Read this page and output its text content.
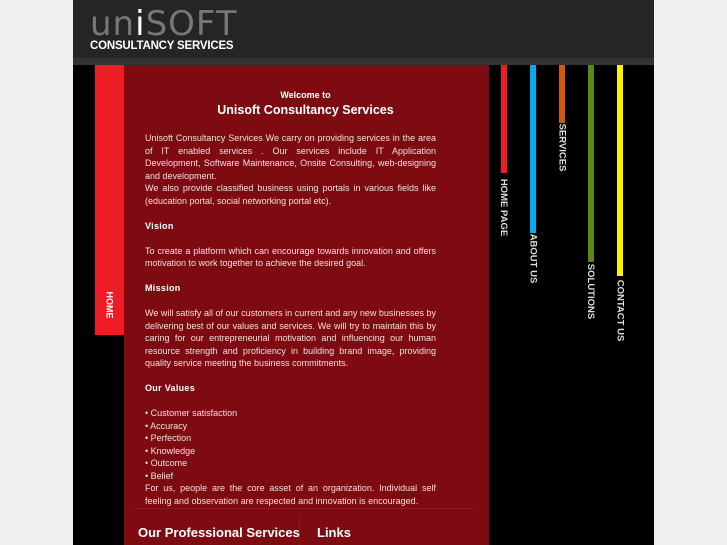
uniSOFT
CONSULTANCY SERVICES
HOME
Welcome to
Unisoft Consultancy Services

Unisoft Consultancy Services We carry on providing services in the area of IT enabled services . Our services include IT Application Development, Software Maintenance, Onsite Consulting, web-designing and development.

We also provide classified business using portals in various fields like (education portal, social networking portal etc).

Vision

To create a platform which can encourage towards innovation and offers motivation to work together to achieve the desired goal.

Mission

We will satisfy all of our customers in current and any new businesses by delivering best of our values and services. We will try to maintain this by caring for our entrepreneurial motivation and influencing our human resource strength and proficiency in building brand image, providing quality service meeting the business commitments.

Our Values

• Customer satisfaction

• Accuracy

• Perfection

• Knowledge

• Outcome

• Belief

For us, people are the core asset of an organization. Individual self feeling and observation are respected and innovation is encouraged.

Our Professional Services Links
HOME PAGE
ABOUT US
SERVICES
SOLUTIONS CONTACT US
